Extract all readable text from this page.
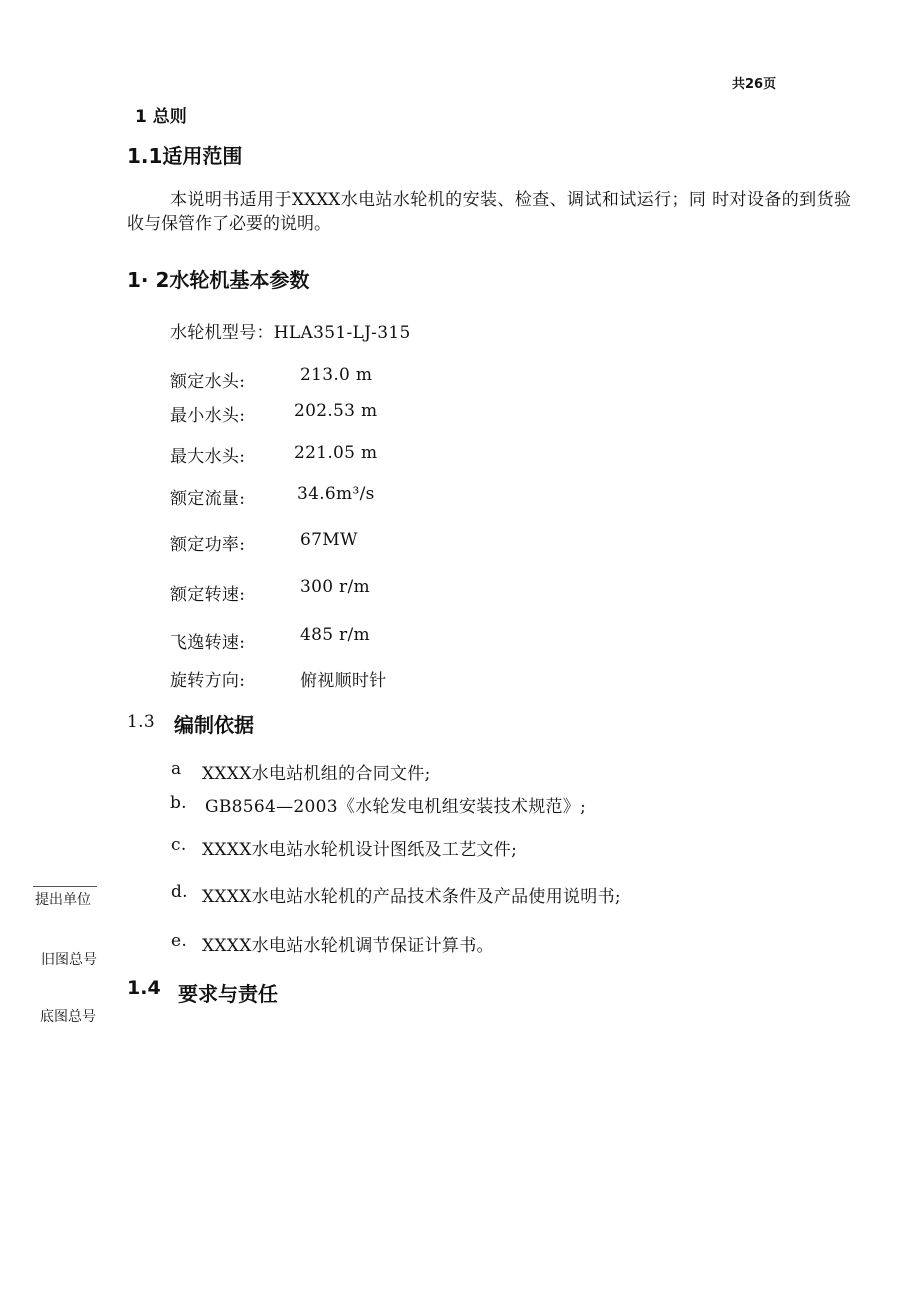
共26页
1 总则
1.1适用范围
本说明书适用于XXXX水电站水轮机的安装、检查、调试和试运行；同 时对设备的到货验收与保管作了必要的说明。
1· 2水轮机基本参数
水轮机型号：HLA351-LJ-315
额定水头:	213.0 m
最小水头:	202.53 m
最大水头:	221.05 m
额定流量:	34.6m³/s
额定功率:	67MW
额定转速:	300 r/m
飞逸转速:	485 r/m
旋转方向:	俯视顺时针
1.3 编制依据
a XXXX水电站机组的合同文件;
b. GB8564—2003《水轮发电机组安装技术规范》;
c. XXXX水电站水轮机设计图纸及工艺文件;
d. XXXX水电站水轮机的产品技术条件及产品使用说明书;
e. XXXX水电站水轮机调节保证计算书。
1.4 要求与责任
提出单位
旧图总号
底图总号
